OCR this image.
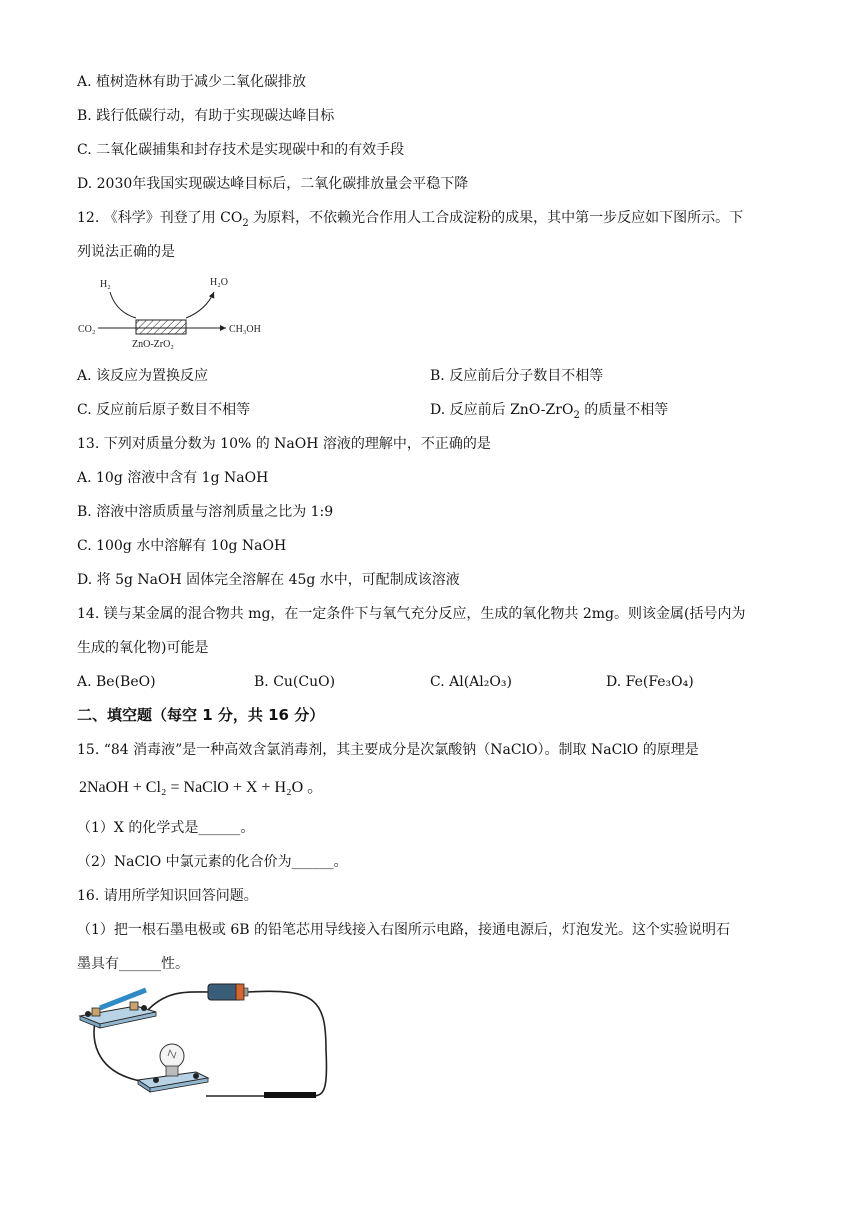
A. 植树造林有助于减少二氧化碳排放
B. 践行低碳行动，有助于实现碳达峰目标
C. 二氧化碳捕集和封存技术是实现碳中和的有效手段
D. 2030年我国实现碳达峰目标后，二氧化碳排放量会平稳下降
12. 《科学》刊登了用 $CO_2$ 为原料，不依赖光合作用人工合成淀粉的成果，其中第一步反应如下图所示。下
列说法正确的是
H₂	H₂O
CO₂	CH₃OH
ZnO-ZrO₂
A. 该反应为置换反应	B. 反应前后分子数目不相等
C. 反应前后原子数目不相等	D. 反应前后 ZnO-ZrO$_2$ 的质量不相等
13. 下列对质量分数为 10% 的 NaOH 溶液的理解中，不正确的是
A. 10g 溶液中含有 1g NaOH
B. 溶液中溶质质量与溶剂质量之比为 1:9
C. 100g 水中溶解有 10g NaOH
D. 将 5g NaOH 固体完全溶解在 45g 水中，可配制成该溶液
14. 镁与某金属的混合物共 mg，在一定条件下与氧气充分反应，生成的氧化物共 2mg。则该金属(括号内为
生成的氧化物)可能是
A. Be(BeO)	B. Cu(CuO)	C. Al(Al₂O₃)	D. Fe(Fe₃O₄)
二、填空题（每空 1 分，共 16 分）
15. “84 消毒液”是一种高效含氯消毒剂，其主要成分是次氯酸钠（NaClO）。制取 NaClO 的原理是
2NaOH + Cl₂ = NaClO + X + H₂O 。
（1）X 的化学式是______。
（2）NaClO 中氯元素的化合价为______。
16. 请用所学知识回答问题。
（1）把一根石墨电极或 6B 的铅笔芯用导线接入右图所示电路，接通电源后，灯泡发光。这个实验说明石
墨具有______性。
